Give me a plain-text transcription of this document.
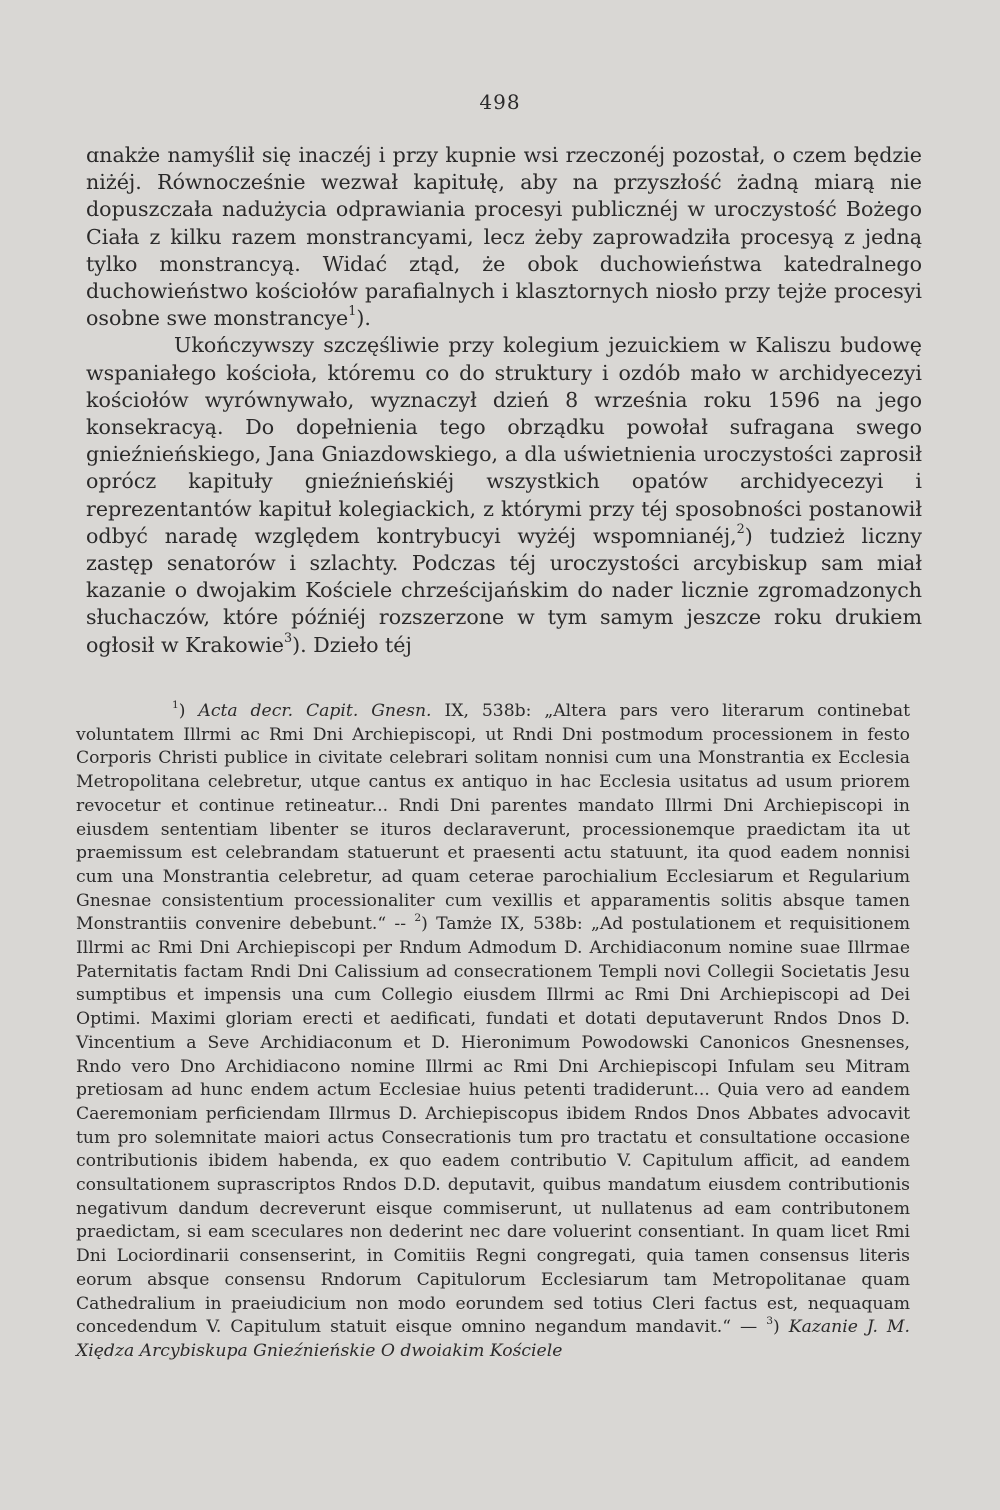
498

ɑnakże namyślił się inaczéj i przy kupnie wsi rzeczonéj pozostał, o czem będzie niżéj. Równocześnie wezwał kapitułę, aby na przyszłość żadną miarą nie dopuszczała nadużycia odprawiania procesyi publicznéj w uroczystość Bożego Ciała z kilku razem monstrancyami, lecz żeby zaprowadziła procesyą z jedną tylko monstrancyą. Widać ztąd, że obok duchowieństwa katedralnego duchowieństwo kościołów parafialnych i klasztornych niosło przy tejże procesyi osobne swe monstrancye$^1$).

Ukończywszy szczęśliwie przy kolegium jezuickiem w Kaliszu budowę wspaniałego kościoła, któremu co do struktury i ozdób mało w archidyecezyi kościołów wyrównywało, wyznaczył dzień 8 września roku 1596 na jego konsekracyą. Do dopełnienia tego obrządku powołał sufragana swego gnieźnieńskiego, Jana Gniazdowskiego, a dla uświetnienia uroczystości zaprosił oprócz kapituły gnieźnieńskiéj wszystkich opatów archidyecezyi i reprezentantów kapituł kolegiackich, z którymi przy téj sposobności postanowił odbyć naradę względem kontrybucyi wyżéj wspomnianéj,$^2$) tudzież liczny zastęp senatorów i szlachty. Podczas téj uroczystości arcybiskup sam miał kazanie o dwojakim Kościele chrześcijańskim do nader licznie zgromadzonych słuchaczów, które późniéj rozszerzone w tym samym jeszcze roku drukiem ogłosił w Krakowie$^3$). Dzieło téj

$^1$) Acta decr. Capit. Gnesn. IX, 538b: „Altera pars vero literarum continebat voluntatem Illrmi ac Rmi Dni Archiepiscopi, ut Rndi Dni postmodum processionem in festo Corporis Christi publice in civitate celebrari solitam nonnisi cum una Monstrantia ex Ecclesia Metropolitana celebretur, utque cantus ex antiquo in hac Ecclesia usitatus ad usum priorem revocetur et continue retineatur... Rndi Dni parentes mandato Illrmi Dni Archiepiscopi in eiusdem sententiam libenter se ituros declaraverunt, processionemque praedictam ita ut praemissum est celebrandam statuerunt et praesenti actu statuunt, ita quod eadem nonnisi cum una Monstrantia celebretur, ad quam ceterae parochialium Ecclesiarum et Regularium Gnesnae consistentium processionaliter cum vexillis et apparamentis solitis absque tamen Monstrantiis convenire debebunt.“ -- $^2$) Tamże IX, 538b: „Ad postulationem et requisitionem Illrmi ac Rmi Dni Archiepiscopi per Rndum Admodum D. Archidiaconum nomine suae Illrmae Paternitatis factam Rndi Dni Calissium ad consecrationem Templi novi Collegii Societatis Jesu sumptibus et impensis una cum Collegio eiusdem Illrmi ac Rmi Dni Archiepiscopi ad Dei Optimi. Maximi gloriam erecti et aedificati, fundati et dotati deputaverunt Rndos Dnos D. Vincentium a Seve Archidiaconum et D. Hieronimum Powodowski Canonicos Gnesnenses, Rndo vero Dno Archidiacono nomine Illrmi ac Rmi Dni Archiepiscopi Infulam seu Mitram pretiosam ad hunc endem actum Ecclesiae huius petenti tradiderunt... Quia vero ad eandem Caeremoniam perficiendam Illrmus D. Archiepiscopus ibidem Rndos Dnos Abbates advocavit tum pro solemnitate maiori actus Consecrationis tum pro tractatu et consultatione occasione contributionis ibidem habenda, ex quo eadem contributio V. Capitulum afficit, ad eandem consultationem suprascriptos Rndos D.D. deputavit, quibus mandatum eiusdem contributionis negativum dandum decreverunt eisque commiserunt, ut nullatenus ad eam contributonem praedictam, si eam sceculares non dederint nec dare voluerint consentiant. In quam licet Rmi Dni Lociordinarii consenserint, in Comitiis Regni congregati, quia tamen consensus literis eorum absque consensu Rndorum Capitulorum Ecclesiarum tam Metropolitanae quam Cathedralium in praeiudicium non modo eorundem sed totius Cleri factus est, nequaquam concedendum V. Capitulum statuit eisque omnino negandum mandavit.“ — $^3$) Kazanie J. M. Xiędza Arcybiskupa Gnieźnieńskie O dwoiakim Kościele
